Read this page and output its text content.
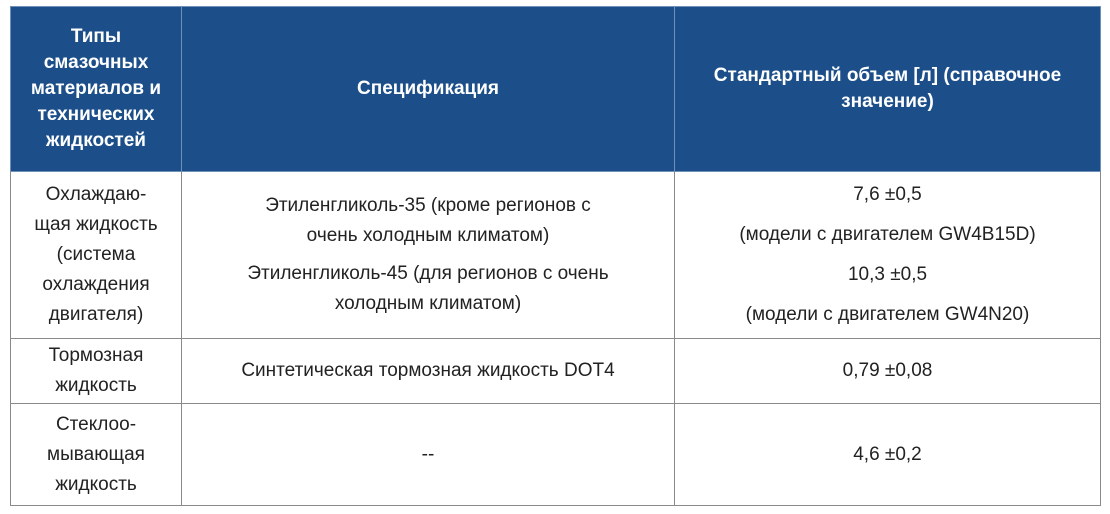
Типы
смазочных
материалов и
технических
жидкостей	Спецификация	Стандартный объем [л] (справочное
значение)

Охлаждаю-
щая жидкость
(система
охлаждения
двигателя)	Этиленгликоль-35 (кроме регионов с
очень холодным климатом)
Этиленгликоль-45 (для регионов с очень
холодным климатом)	7,6 ±0,5
(модели с двигателем GW4B15D)
10,3 ±0,5
(модели с двигателем GW4N20)

Тормозная
жидкость	Синтетическая тормозная жидкость DOT4	0,79 ±0,08

Стеклоо-
мывающая
жидкость	--	4,6 ±0,2
